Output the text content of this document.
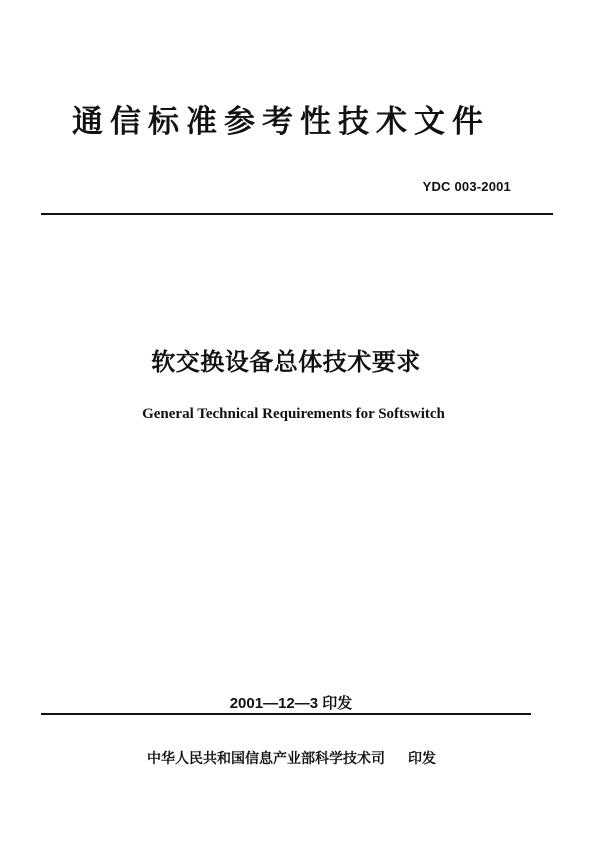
通信标准参考性技术文件
YDC 003-2001
软交换设备总体技术要求
General Technical Requirements for Softswitch
2001—12—3 印发
中华人民共和国信息产业部科学技术司 印发
